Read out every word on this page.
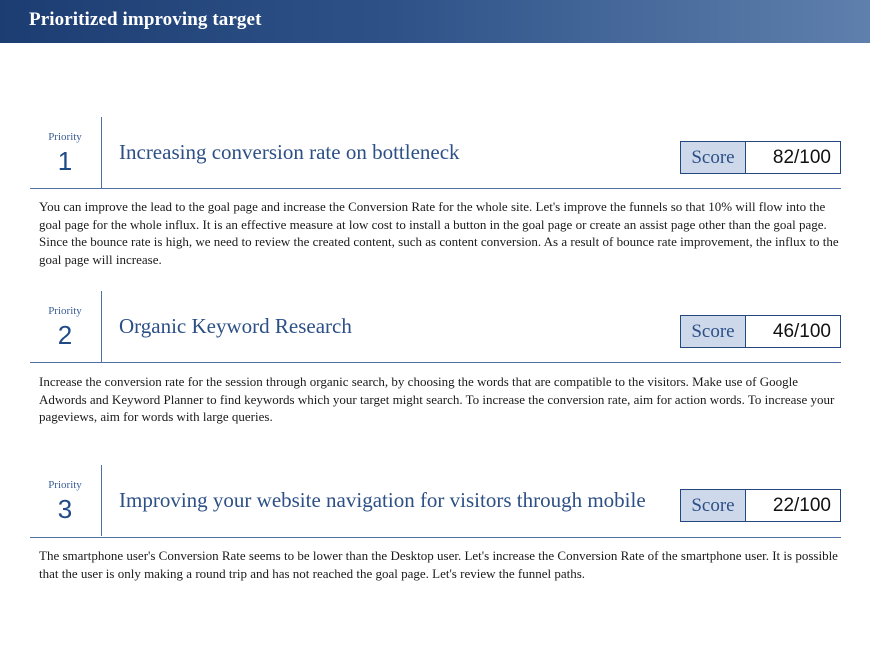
Prioritized improving target
Priority
1	Increasing conversion rate on bottleneck	Score	82/100
You can improve the lead to the goal page and increase the Conversion Rate for the whole site. Let's improve the funnels so that 10% will flow into the goal page for the whole influx. It is an effective measure at low cost to install a button in the goal page or create an assist page other than the goal page. Since the bounce rate is high, we need to review the created content, such as content conversion. As a result of bounce rate improvement, the influx to the goal page will increase.
Priority
2	Organic Keyword Research	Score	46/100
Increase the conversion rate for the session through organic search, by choosing the words that are compatible to the visitors. Make use of Google Adwords and Keyword Planner to find keywords which your target might search. To increase the conversion rate, aim for action words. To increase your pageviews, aim for words with large queries.
Priority
3	Improving your website navigation for visitors through mobile	Score	22/100
The smartphone user's Conversion Rate seems to be lower than the Desktop user. Let's increase the Conversion Rate of the smartphone user. It is possible that the user is only making a round trip and has not reached the goal page. Let's review the funnel paths.
